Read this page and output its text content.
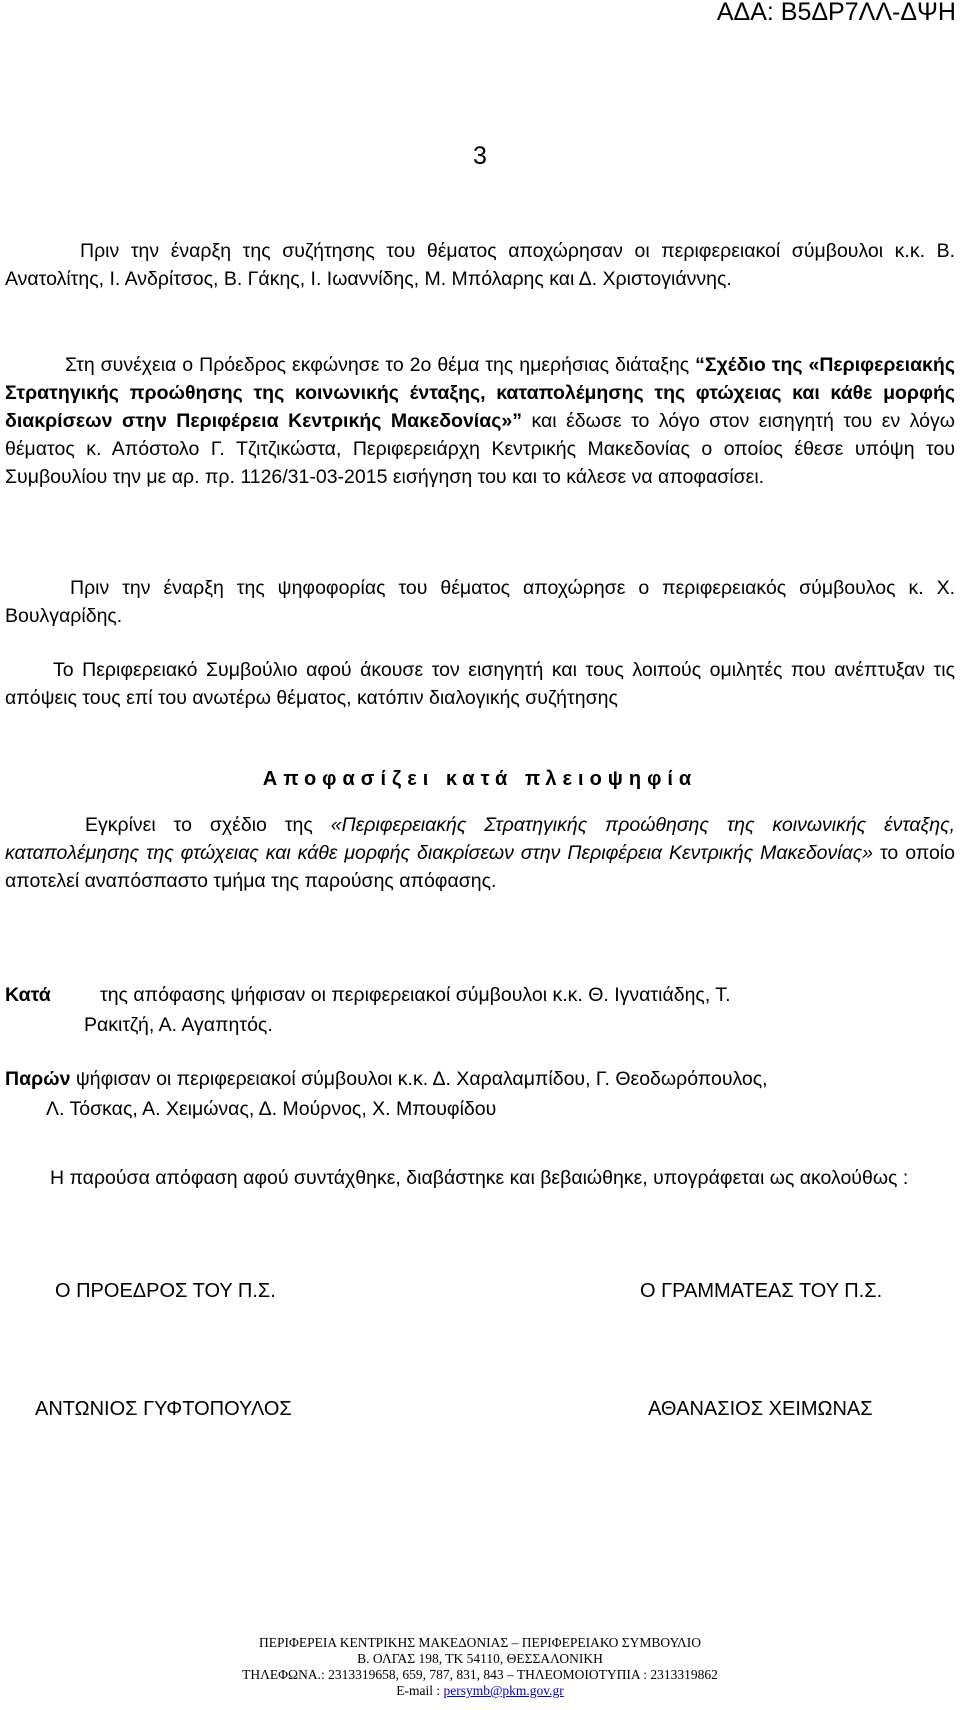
ΑΔΑ: Β5ΔΡ7ΛΛ-ΔΨΗ
3
Πριν την έναρξη της συζήτησης του θέματος αποχώρησαν οι περιφερειακοί σύμβουλοι κ.κ. Β. Ανατολίτης, Ι. Ανδρίτσος, Β. Γάκης, Ι. Ιωαννίδης, Μ. Μπόλαρης και Δ. Χριστογιάννης.
Στη συνέχεια ο Πρόεδρος εκφώνησε το 2ο θέμα της ημερήσιας διάταξης “Σχέδιο της «Περιφερειακής Στρατηγικής προώθησης της κοινωνικής ένταξης, καταπολέμησης της φτώχειας και κάθε μορφής διακρίσεων στην Περιφέρεια Κεντρικής Μακεδονίας»” και έδωσε το λόγο στον εισηγητή του εν λόγω θέματος κ. Απόστολο Γ. Τζιτζικώστα, Περιφερειάρχη Κεντρικής Μακεδονίας ο οποίος έθεσε υπόψη του Συμβουλίου την με αρ. πρ. 1126/31-03-2015 εισήγηση του και το κάλεσε να αποφασίσει.
Πριν την έναρξη της ψηφοφορίας του θέματος αποχώρησε ο περιφερειακός σύμβουλος κ. Χ. Βουλγαρίδης.
Το Περιφερειακό Συμβούλιο αφού άκουσε τον εισηγητή και τους λοιπούς ομιλητές που ανέπτυξαν τις απόψεις τους επί του ανωτέρω θέματος, κατόπιν διαλογικής συζήτησης
Αποφασίζει κατά πλειοψηφία
Εγκρίνει το σχέδιο της «Περιφερειακής Στρατηγικής προώθησης της κοινωνικής ένταξης, καταπολέμησης της φτώχειας και κάθε μορφής διακρίσεων στην Περιφέρεια Κεντρικής Μακεδονίας» το οποίο αποτελεί αναπόσπαστο τμήμα της παρούσης απόφασης.
Κατά	της απόφασης ψήφισαν οι περιφερειακοί σύμβουλοι κ.κ. Θ. Ιγνατιάδης, Τ.
Ρακιτζή, Α. Αγαπητός.
Παρών ψήφισαν οι περιφερειακοί σύμβουλοι κ.κ. Δ. Χαραλαμπίδου, Γ. Θεοδωρόπουλος,
Λ. Τόσκας, Α. Χειμώνας, Δ. Μούρνος, Χ. Μπουφίδου
Η παρούσα απόφαση αφού συντάχθηκε, διαβάστηκε και βεβαιώθηκε, υπογράφεται ως ακολούθως :
Ο ΠΡΟΕΔΡΟΣ ΤΟΥ Π.Σ.	Ο ΓΡΑΜΜΑΤΕΑΣ ΤΟΥ Π.Σ.
ΑΝΤΩΝΙΟΣ ΓΥΦΤΟΠΟΥΛΟΣ	ΑΘΑΝΑΣΙΟΣ ΧΕΙΜΩΝΑΣ
ΠΕΡΙΦΕΡΕΙΑ ΚΕΝΤΡΙΚΗΣ ΜΑΚΕΔΟΝΙΑΣ – ΠΕΡΙΦΕΡΕΙΑΚΟ ΣΥΜΒΟΥΛΙΟ
Β. ΟΛΓΑΣ 198, ΤΚ 54110, ΘΕΣΣΑΛΟΝΙΚΗ
ΤΗΛΕΦΩΝΑ.: 2313319658, 659, 787, 831, 843 – ΤΗΛΕΟΜΟΙΟΤΥΠΙΑ : 2313319862
E-mail : persymb@pkm.gov.gr
